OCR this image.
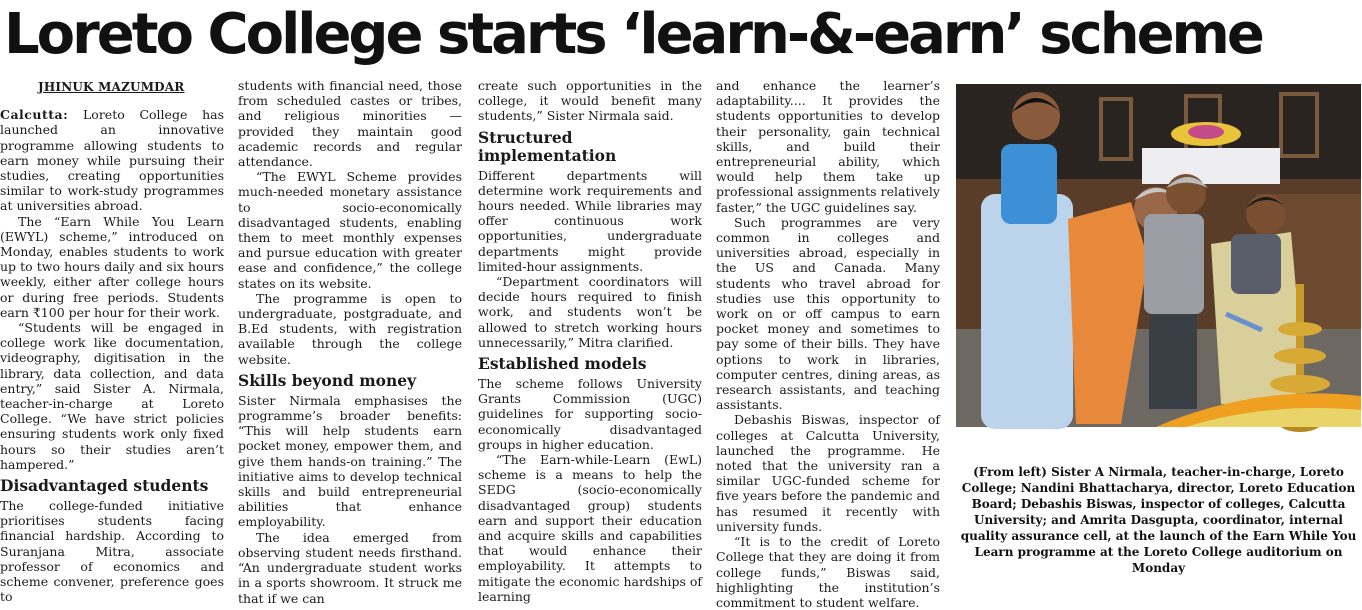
Loreto College starts ‘learn-&-earn’ scheme
JHINUK MAZUMDAR

Calcutta: Loreto College has launched an innovative programme allowing students to earn money while pursuing their studies, creating opportunities similar to work-study programmes at universities abroad.

The “Earn While You Learn (EWYL) scheme,” introduced on Monday, enables students to work up to two hours daily and six hours weekly, either after college hours or during free periods. Students earn ₹100 per hour for their work.

“Students will be engaged in college work like documentation, videography, digitisation in the library, data collection, and data entry,” said Sister A. Nirmala, teacher-in-charge at Loreto College. “We have strict policies ensuring students work only fixed hours so their studies aren’t hampered.”

Disadvantaged students

The college-funded initiative prioritises students facing financial hardship. According to Suranjana Mitra, associate professor of economics and scheme convener, preference goes to

students with financial need, those from scheduled castes or tribes, and religious minorities — provided they maintain good academic records and regular attendance.

“The EWYL Scheme provides much-needed monetary assistance to socio-economically disadvantaged students, enabling them to meet monthly expenses and pursue education with greater ease and confidence,” the college states on its website.

The programme is open to undergraduate, postgraduate, and B.Ed students, with registration available through the college website.

Skills beyond money

Sister Nirmala emphasises the programme’s broader benefits: “This will help students earn pocket money, empower them, and give them hands-on training.” The initiative aims to develop technical skills and build entrepreneurial abilities that enhance employability.

The idea emerged from observing student needs firsthand. “An undergraduate student works in a sports showroom. It struck me that if we can

create such opportunities in the college, it would benefit many students,” Sister Nirmala said.

Structured implementation

Different departments will determine work requirements and hours needed. While libraries may offer continuous work opportunities, undergraduate departments might provide limited-hour assignments.

“Department coordinators will decide hours required to finish work, and students won’t be allowed to stretch working hours unnecessarily,” Mitra clarified.

Established models

The scheme follows University Grants Commission (UGC) guidelines for supporting socio-economically disadvantaged groups in higher education.

“The Earn-while-Learn (EwL) scheme is a means to help the SEDG (socio-economically disadvantaged group) students earn and support their education and acquire skills and capabilities that would enhance their employability. It attempts to mitigate the economic hardships of learning

and enhance the learner’s adaptability.... It provides the students opportunities to develop their personality, gain technical skills, and build their entrepreneurial ability, which would help them take up professional assignments relatively faster,” the UGC guidelines say.

Such programmes are very common in colleges and universities abroad, especially in the US and Canada. Many students who travel abroad for studies use this opportunity to work on or off campus to earn pocket money and sometimes to pay some of their bills. They have options to work in libraries, computer centres, dining areas, as research assistants, and teaching assistants.

Debashis Biswas, inspector of colleges at Calcutta University, launched the programme. He noted that the university ran a similar UGC-funded scheme for five years before the pandemic and has resumed it recently with university funds.

“It is to the credit of Loreto College that they are doing it from college funds,” Biswas said, highlighting the institution’s commitment to student welfare.

(From left) Sister A Nirmala, teacher-in-charge, Loreto College; Nandini Bhattacharya, director, Loreto Education Board; Debashis Biswas, inspector of colleges, Calcutta University; and Amrita Dasgupta, coordinator, internal quality assurance cell, at the launch of the Earn While You Learn programme at the Loreto College auditorium on Monday
